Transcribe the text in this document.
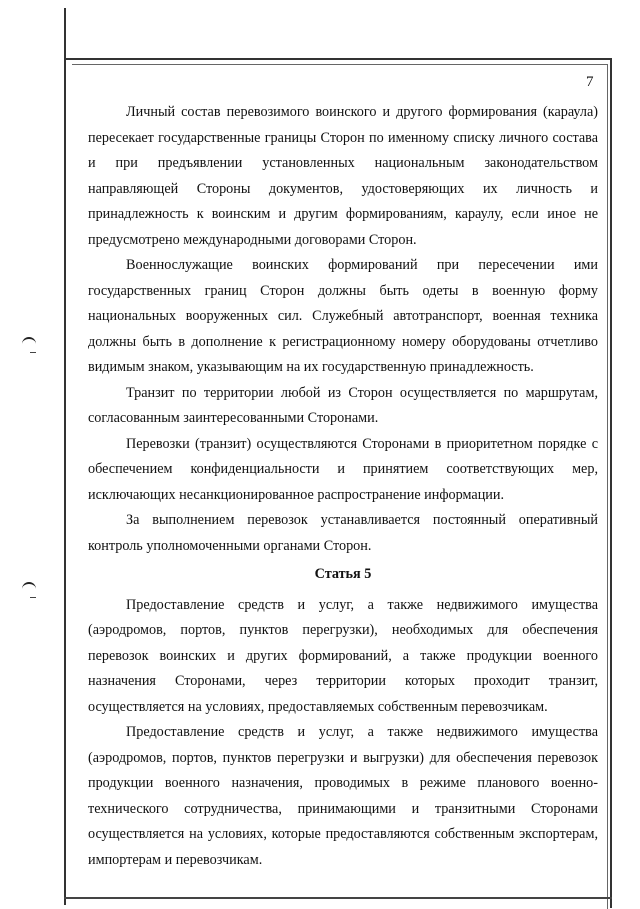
7

Личный состав перевозимого воинского и другого формирования (караула) пересекает государственные границы Сторон по именному списку личного состава и при предъявлении установленных национальным законодательством направляющей Стороны документов, удостоверяющих их личность и принадлежность к воинским и другим формированиям, караулу, если иное не предусмотрено международными договорами Сторон.

Военнослужащие воинских формирований при пересечении ими государственных границ Сторон должны быть одеты в военную форму национальных вооруженных сил. Служебный автотранспорт, военная техника должны быть в дополнение к регистрационному номеру оборудованы отчетливо видимым знаком, указывающим на их государственную принадлежность.

Транзит по территории любой из Сторон осуществляется по маршрутам, согласованным заинтересованными Сторонами.

Перевозки (транзит) осуществляются Сторонами в приоритетном порядке с обеспечением конфиденциальности и принятием соответствующих мер, исключающих несанкционированное распространение информации.

За выполнением перевозок устанавливается постоянный оперативный контроль уполномоченными органами Сторон.

Статья 5

Предоставление средств и услуг, а также недвижимого имущества (аэродромов, портов, пунктов перегрузки), необходимых для обеспечения перевозок воинских и других формирований, а также продукции военного назначения Сторонами, через территории которых проходит транзит, осуществляется на условиях, предоставляемых собственным перевозчикам.

Предоставление средств и услуг, а также недвижимого имущества (аэродромов, портов, пунктов перегрузки и выгрузки) для обеспечения перевозок продукции военного назначения, проводимых в режиме планового военно-технического сотрудничества, принимающими и транзитными Сторонами осуществляется на условиях, которые предоставляются собственным экспортерам, импортерам и перевозчикам.
